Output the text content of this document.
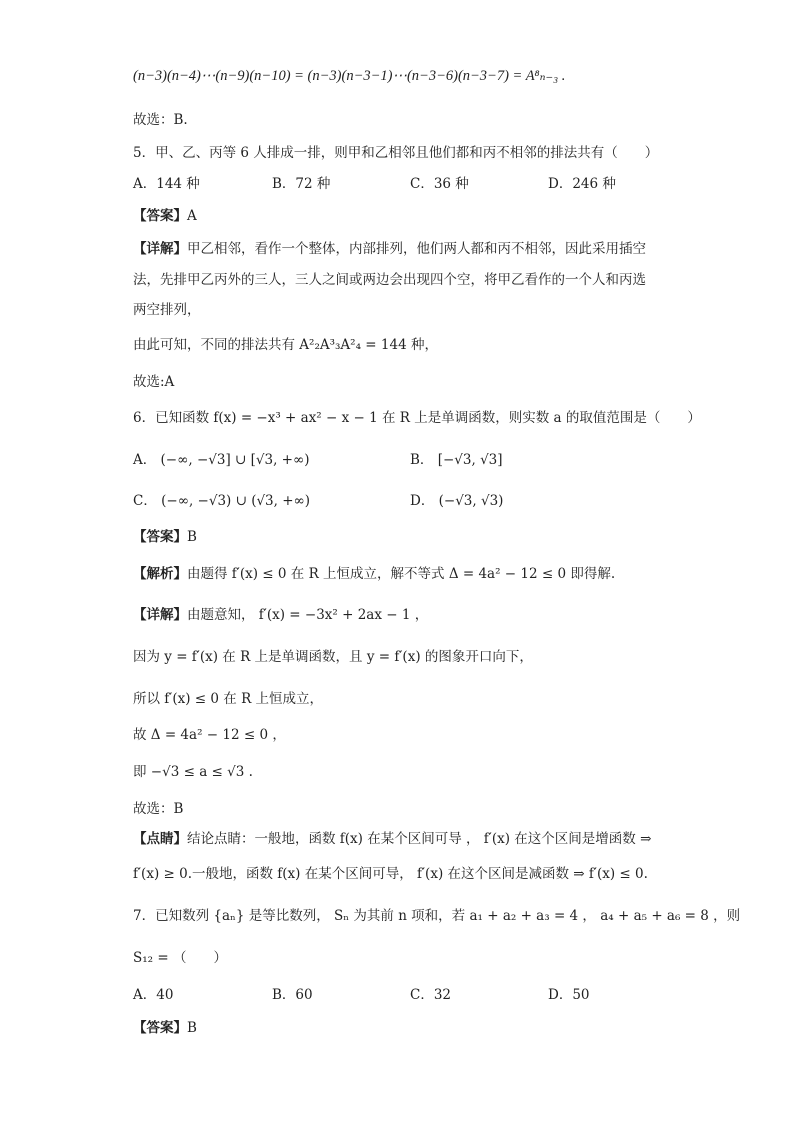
(n−3)(n−4)⋯(n−9)(n−10) = (n−3)(n−3−1)⋯(n−3−6)(n−3−7) = A⁸ₙ₋₃ .
故选：B.
5．甲、乙、丙等 6 人排成一排，则甲和乙相邻且他们都和丙不相邻的排法共有（　　）
A．144 种	B．72 种	C．36 种	D．246 种
【答案】A
【详解】甲乙相邻，看作一个整体，内部排列，他们两人都和丙不相邻，因此采用插空
法，先排甲乙丙外的三人，三人之间或两边会出现四个空，将甲乙看作的一个人和丙选
两空排列，
由此可知，不同的排法共有 A²₂A³₃A²₄ = 144 种，
故选:A
6．已知函数 f(x) = −x³ + ax² − x − 1 在 R 上是单调函数，则实数 a 的取值范围是（　　）
A． (−∞, −√3] ∪ [√3, +∞)	B． [−√3, √3]
C． (−∞, −√3) ∪ (√3, +∞)	D． (−√3, √3)
【答案】B
【解析】由题得 f′(x) ≤ 0 在 R 上恒成立，解不等式 Δ = 4a² − 12 ≤ 0 即得解.
【详解】由题意知， f′(x) = −3x² + 2ax − 1 ，
因为 y = f′(x) 在 R 上是单调函数，且 y = f′(x) 的图象开口向下，
所以 f′(x) ≤ 0 在 R 上恒成立，
故 Δ = 4a² − 12 ≤ 0 ，
即 −√3 ≤ a ≤ √3 .
故选：B
【点睛】结论点睛：一般地，函数 f(x) 在某个区间可导 ， f′(x) 在这个区间是增函数 ⇒
f′(x) ≥ 0.一般地，函数 f(x) 在某个区间可导， f′(x) 在这个区间是减函数 ⇒ f′(x) ≤ 0.
7．已知数列 {aₙ} 是等比数列， Sₙ 为其前 n 项和，若 a₁ + a₂ + a₃ = 4 ， a₄ + a₅ + a₆ = 8 ，则
S₁₂ = （　　）
A．40	B．60	C．32	D．50
【答案】B
